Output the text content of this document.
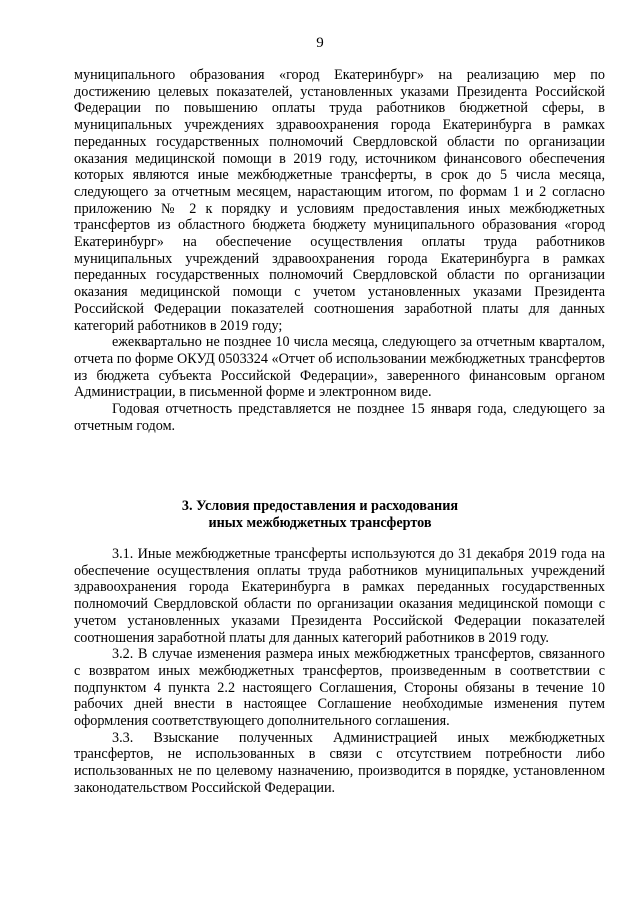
9

муниципального образования «город Екатеринбург» на реализацию мер по достижению целевых показателей, установленных указами Президента Российской Федерации по повышению оплаты труда работников бюджетной сферы, в муниципальных учреждениях здравоохранения города Екатеринбурга в рамках переданных государственных полномочий Свердловской области по организации оказания медицинской помощи в 2019 году, источником финансового обеспечения которых являются иные межбюджетные трансферты, в срок до 5 числа месяца, следующего за отчетным месяцем, нарастающим итогом, по формам 1 и 2 согласно приложению № 2 к порядку и условиям предоставления иных межбюджетных трансфертов из областного бюджета бюджету муниципального образования «город Екатеринбург» на обеспечение осуществления оплаты труда работников муниципальных учреждений здравоохранения города Екатеринбурга в рамках переданных государственных полномочий Свердловской области по организации оказания медицинской помощи с учетом установленных указами Президента Российской Федерации показателей соотношения заработной платы для данных категорий работников в 2019 году;

ежеквартально не позднее 10 числа месяца, следующего за отчетным кварталом, отчета по форме ОКУД 0503324 «Отчет об использовании межбюджетных трансфертов из бюджета субъекта Российской Федерации», заверенного финансовым органом Администрации, в письменной форме и электронном виде.

Годовая отчетность представляется не позднее 15 января года, следующего за отчетным годом.

3. Условия предоставления и расходования
иных межбюджетных трансфертов

3.1. Иные межбюджетные трансферты используются до 31 декабря 2019 года на обеспечение осуществления оплаты труда работников муниципальных учреждений здравоохранения города Екатеринбурга в рамках переданных государственных полномочий Свердловской области по организации оказания медицинской помощи с учетом установленных указами Президента Российской Федерации показателей соотношения заработной платы для данных категорий работников в 2019 году.

3.2. В случае изменения размера иных межбюджетных трансфертов, связанного с возвратом иных межбюджетных трансфертов, произведенным в соответствии с подпунктом 4 пункта 2.2 настоящего Соглашения, Стороны обязаны в течение 10 рабочих дней внести в настоящее Соглашение необходимые изменения путем оформления соответствующего дополнительного соглашения.

3.3. Взыскание полученных Администрацией иных межбюджетных трансфертов, не использованных в связи с отсутствием потребности либо использованных не по целевому назначению, производится в порядке, установленном законодательством Российской Федерации.
